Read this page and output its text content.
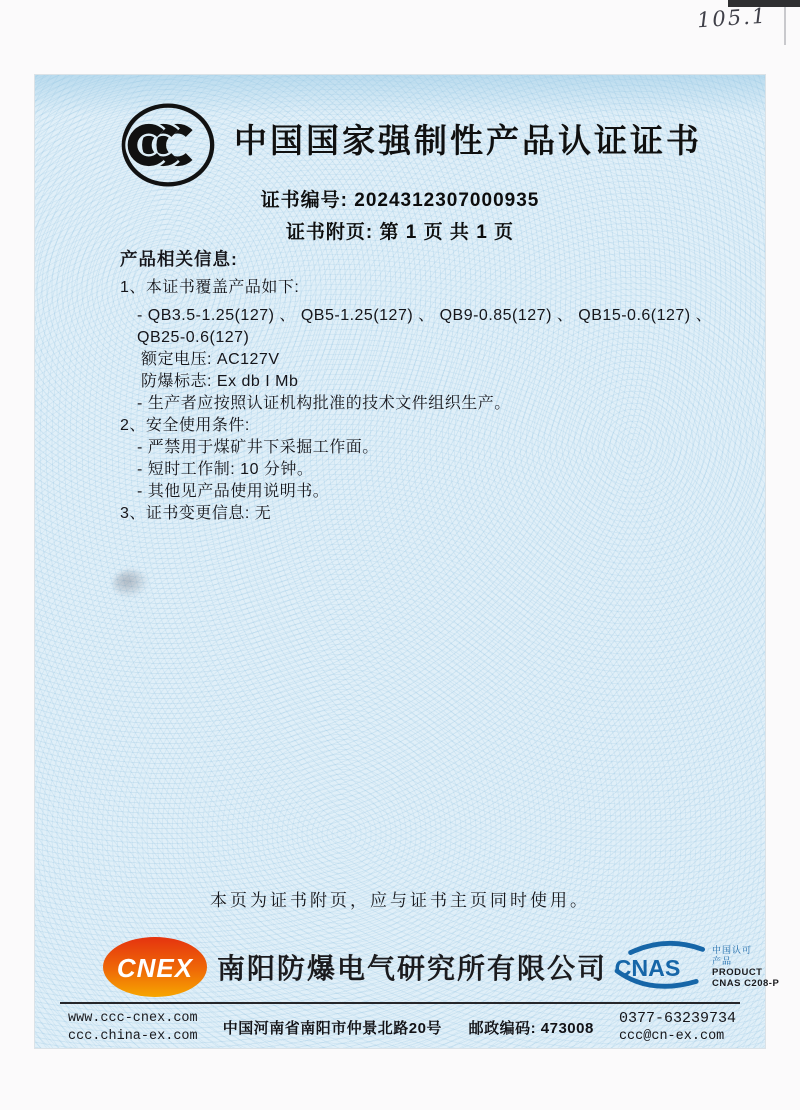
105.1
中国国家强制性产品认证证书
证书编号: 2024312307000935
证书附页: 第 1 页 共 1 页
产品相关信息:
1、本证书覆盖产品如下:
- QB3.5-1.25(127) 、 QB5-1.25(127) 、 QB9-0.85(127) 、 QB15-0.6(127) 、
QB25-0.6(127)
额定电压: AC127V
防爆标志: Ex db I Mb
- 生产者应按照认证机构批准的技术文件组织生产。
2、安全使用条件:
- 严禁用于煤矿井下采掘工作面。
- 短时工作制: 10 分钟。
- 其他见产品使用说明书。
3、证书变更信息: 无
本页为证书附页，应与证书主页同时使用。
CNEX 南阳防爆电气研究所有限公司 CNAS
中国认可
产品
PRODUCT
CNAS C208-P
www.ccc-cnex.com
ccc.china-ex.com 中国河南省南阳市仲景北路20号 邮政编码: 473008
0377-63239734
ccc@cn-ex.com
